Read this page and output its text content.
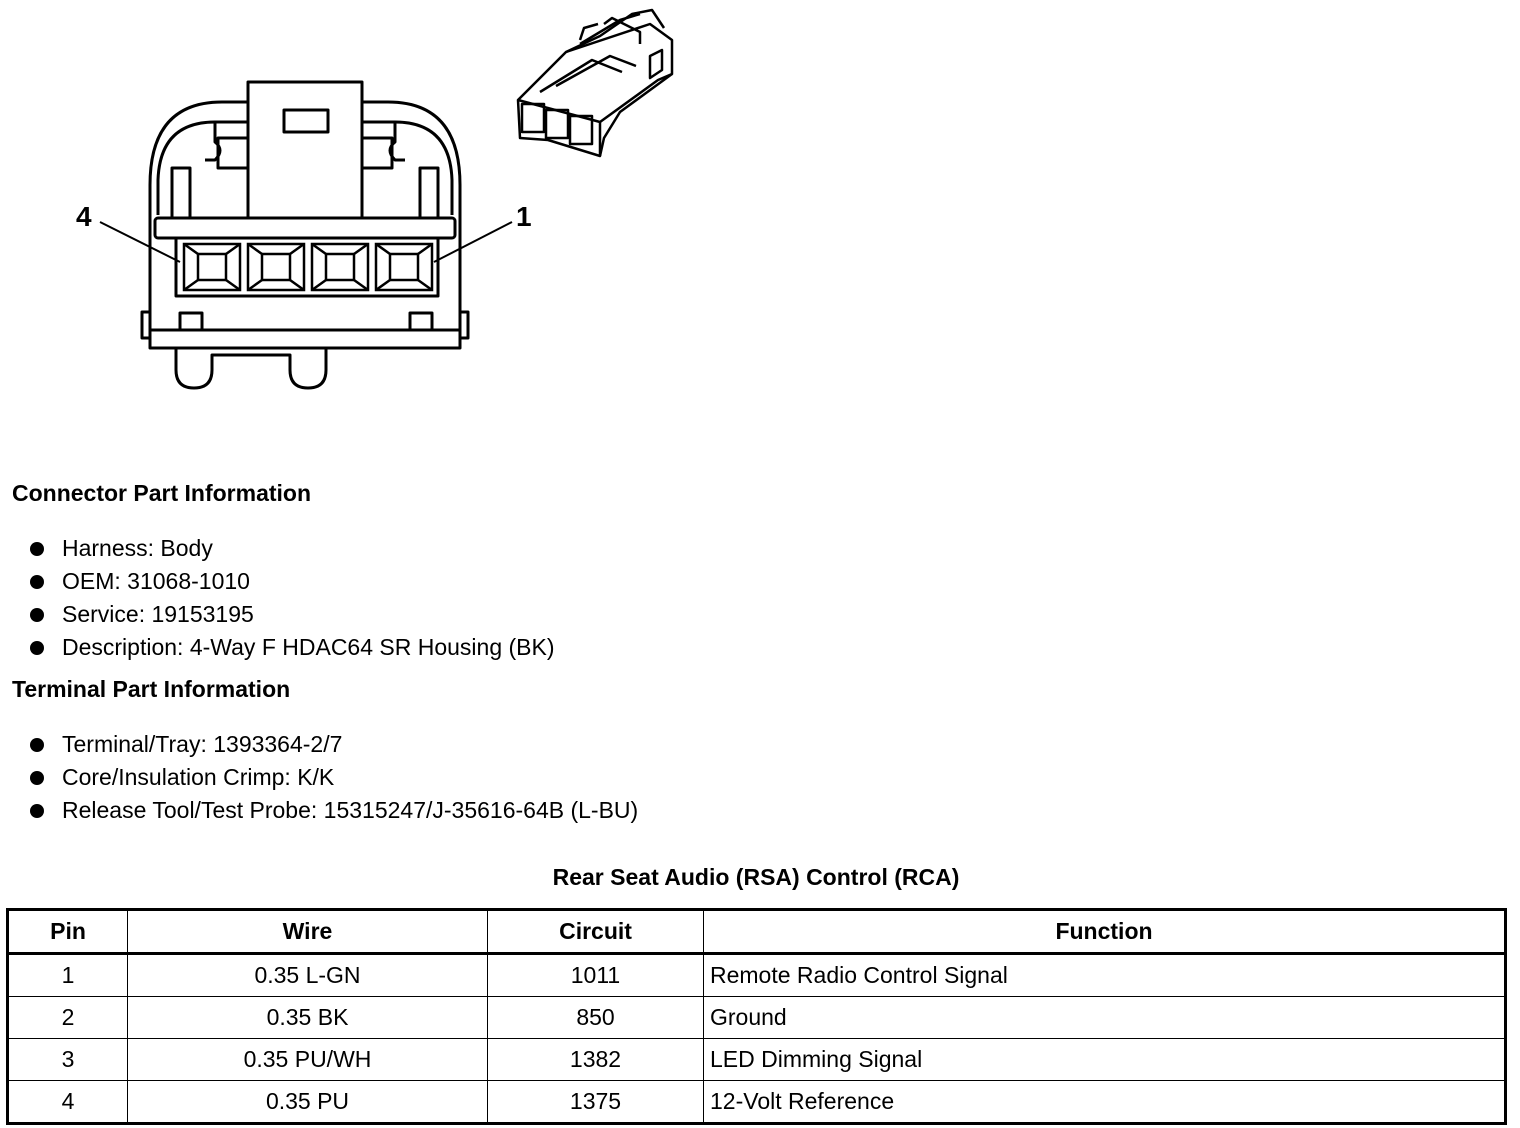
4	1
Connector Part Information
Harness: Body
OEM: 31068-1010
Service: 19153195
Description: 4-Way F HDAC64 SR Housing (BK)
Terminal Part Information
Terminal/Tray: 1393364-2/7
Core/Insulation Crimp: K/K
Release Tool/Test Probe: 15315247/J-35616-64B (L-BU)
Rear Seat Audio (RSA) Control (RCA)
Pin	Wire	Circuit	Function
1	0.35 L-GN	1011	Remote Radio Control Signal
2	0.35 BK	850	Ground
3	0.35 PU/WH	1382	LED Dimming Signal
4	0.35 PU	1375	12-Volt Reference
